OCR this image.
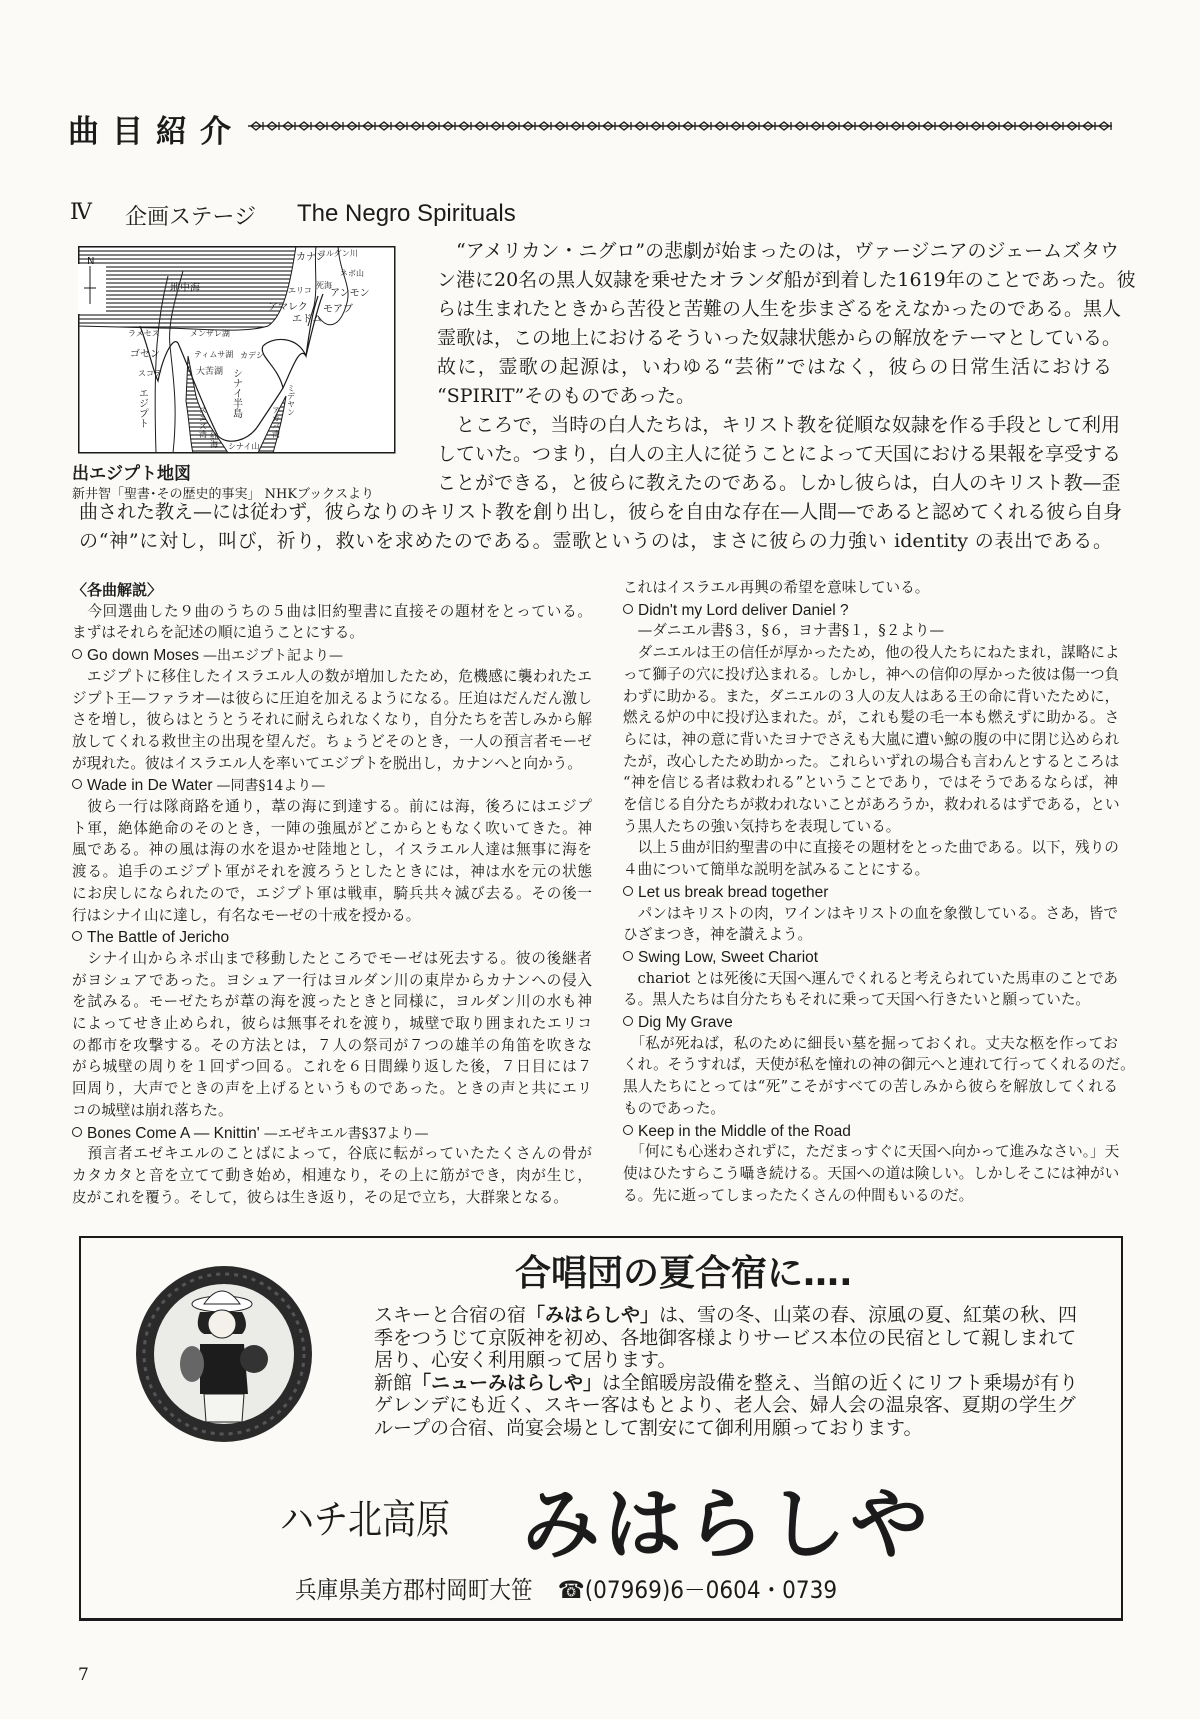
曲目紹介
Ⅳ 企画ステージ The Negro Spirituals
N
地中海
カナン
ヨルダン川
ネボ山
エリコ
死海
アンモン
アマレク モアブ
エドム
ラメセス	メンザレ湖
ゴセン	ティムサ湖
スコテ	大苦湖
カデシ
シナイ半島	ミデヤン
エジプト	スエズ湾
紅海 シナイ山
アカバ湾
出エジプト地図
新井智「聖書･その歴史的事実」 NHKブックスより
　“アメリカン・ニグロ”の悲劇が始まったのは，ヴァージニアのジェームズタウ
ン港に20名の黒人奴隷を乗せたオランダ船が到着した1619年のことであった。彼
らは生まれたときから苦役と苦難の人生を歩まざるをえなかったのである。黒人
霊歌は，この地上におけるそういった奴隷状態からの解放をテーマとしている。
故に，霊歌の起源は，いわゆる“芸術”ではなく，彼らの日常生活における
“SPIRIT”そのものであった。
　ところで，当時の白人たちは，キリスト教を従順な奴隷を作る手段として利用
していた。つまり，白人の主人に従うことによって天国における果報を享受する
ことができる，と彼らに教えたのである。しかし彼らは，白人のキリスト教—歪
曲された教え—には従わず，彼らなりのキリスト教を創り出し，彼らを自由な存在—人間—であると認めてくれる彼ら自身
の“神”に対し，叫び，祈り，救いを求めたのである。霊歌というのは，まさに彼らの力強い identity の表出である。
〈各曲解説〉
　今回選曲した９曲のうちの５曲は旧約聖書に直接その題材をとっている。
まずはそれらを記述の順に追うことにする。
Go down Moses —出エジプト記より—
　エジプトに移住したイスラエル人の数が増加したため，危機感に襲われたエ
ジプト王—ファラオ—は彼らに圧迫を加えるようになる。圧迫はだんだん激し
さを増し，彼らはとうとうそれに耐えられなくなり，自分たちを苦しみから解
放してくれる救世主の出現を望んだ。ちょうどそのとき，一人の預言者モーゼ
が現れた。彼はイスラエル人を率いてエジプトを脱出し，カナンへと向かう。
Wade in De Water —同書§14より—
　彼ら一行は隊商路を通り，葦の海に到達する。前には海，後ろにはエジプ
ト軍，絶体絶命のそのとき，一陣の強風がどこからともなく吹いてきた。神
風である。神の風は海の水を退かせ陸地とし，イスラエル人達は無事に海を
渡る。追手のエジプト軍がそれを渡ろうとしたときには，神は水を元の状態
にお戻しになられたので，エジプト軍は戦車，騎兵共々滅び去る。その後一
行はシナイ山に達し，有名なモーゼの十戒を授かる。
The Battle of Jericho
　シナイ山からネボ山まで移動したところでモーゼは死去する。彼の後継者
がヨシュアであった。ヨシュア一行はヨルダン川の東岸からカナンへの侵入
を試みる。モーゼたちが葦の海を渡ったときと同様に，ヨルダン川の水も神
によってせき止められ，彼らは無事それを渡り，城壁で取り囲まれたエリコ
の都市を攻撃する。その方法とは，７人の祭司が７つの雄羊の角笛を吹きな
がら城壁の周りを１回ずつ回る。これを６日間繰り返した後，７日目には７
回周り，大声でときの声を上げるというものであった。ときの声と共にエリ
コの城壁は崩れ落ちた。
Bones Come A — Knittin' —エゼキエル書§37より—
　預言者エゼキエルのことばによって，谷底に転がっていたたくさんの骨が
カタカタと音を立てて動き始め，相連なり，その上に筋ができ，肉が生じ，
皮がこれを覆う。そして，彼らは生き返り，その足で立ち，大群衆となる。
これはイスラエル再興の希望を意味している。
Didn't my Lord deliver Daniel ?
　—ダニエル書§３，§６，ヨナ書§１，§２より—
　ダニエルは王の信任が厚かったため，他の役人たちにねたまれ，謀略によ
って獅子の穴に投げ込まれる。しかし，神への信仰の厚かった彼は傷一つ負
わずに助かる。また，ダニエルの３人の友人はある王の命に背いたために，
燃える炉の中に投げ込まれた。が，これも髪の毛一本も燃えずに助かる。さ
らには，神の意に背いたヨナでさえも大嵐に遭い鯨の腹の中に閉じ込められ
たが，改心したため助かった。これらいずれの場合も言わんとするところは
“神を信じる者は救われる”ということであり，ではそうであるならば，神
を信じる自分たちが救われないことがあろうか，救われるはずである，とい
う黒人たちの強い気持ちを表現している。
　以上５曲が旧約聖書の中に直接その題材をとった曲である。以下，残りの
４曲について簡単な説明を試みることにする。
Let us break bread together
　パンはキリストの肉，ワインはキリストの血を象徴している。さあ，皆で
ひざまつき，神を讃えよう。
Swing Low, Sweet Chariot
　chariot とは死後に天国へ運んでくれると考えられていた馬車のことであ
る。黒人たちは自分たちもそれに乗って天国へ行きたいと願っていた。
Dig My Grave
　「私が死ねば，私のために細長い墓を掘っておくれ。丈夫な柩を作ってお
くれ。そうすれば，天使が私を憧れの神の御元へと連れて行ってくれるのだ。
黒人たちにとっては“死”こそがすべての苦しみから彼らを解放してくれる
ものであった。
Keep in the Middle of the Road
　「何にも心迷わされずに，ただまっすぐに天国へ向かって進みなさい。」天
使はひたすらこう囁き続ける。天国への道は険しい。しかしそこには神がい
る。先に逝ってしまったたくさんの仲間もいるのだ。
合唱団の夏合宿に….
スキーと合宿の宿「みはらしや」は、雪の冬、山菜の春、涼風の夏、紅葉の秋、四
季をつうじて京阪神を初め、各地御客様よりサービス本位の民宿として親しまれて
居り、心安く利用願って居ります。
新館「ニューみはらしや」は全館暖房設備を整え、当館の近くにリフト乗場が有り
ゲレンデにも近く、スキー客はもとより、老人会、婦人会の温泉客、夏期の学生グ
ループの合宿、尚宴会場として割安にて御利用願っております。
ハチ北高原 みはらしや
兵庫県美方郡村岡町大笹 ☎(07969)6－0604・0739
7
